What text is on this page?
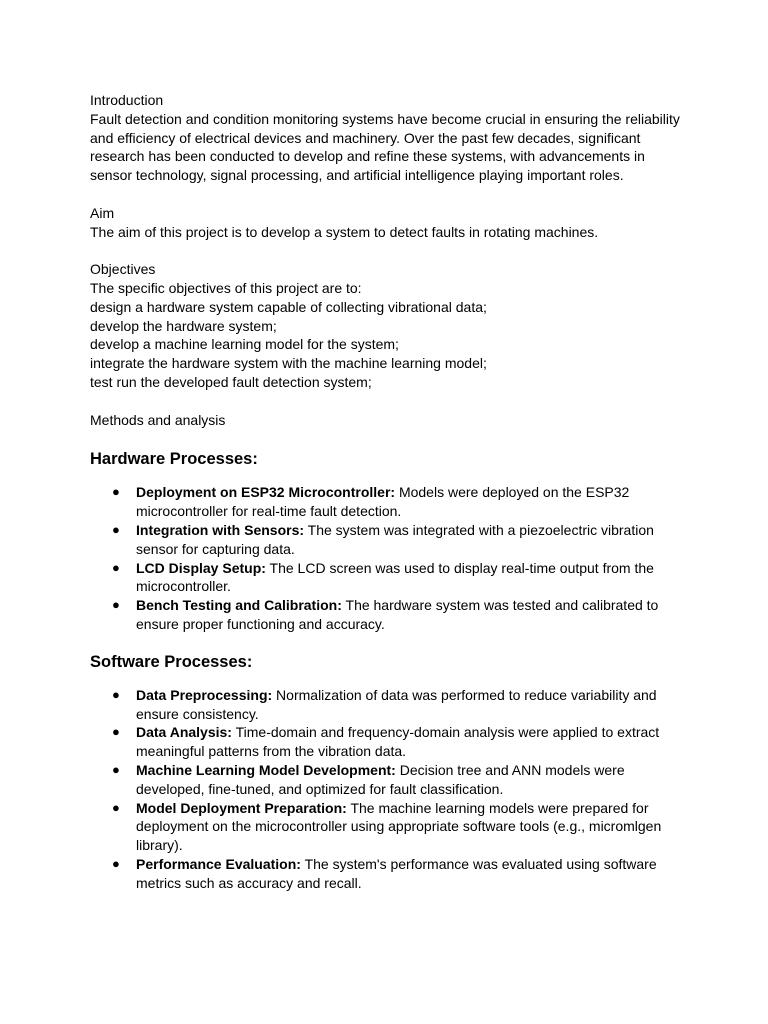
Introduction

Fault detection and condition monitoring systems have become crucial in ensuring the reliability

and efficiency of electrical devices and machinery. Over the past few decades, significant

research has been conducted to develop and refine these systems, with advancements in

sensor technology, signal processing, and artificial intelligence playing important roles.

Aim

The aim of this project is to develop a system to detect faults in rotating machines.

Objectives

The specific objectives of this project are to:

design a hardware system capable of collecting vibrational data;

develop the hardware system;

develop a machine learning model for the system;

integrate the hardware system with the machine learning model;

test run the developed fault detection system;

Methods and analysis

Hardware Processes:
● Deployment on ESP32 Microcontroller: Models were deployed on the ESP32 microcontroller for real-time fault detection.
● Integration with Sensors: The system was integrated with a piezoelectric vibration sensor for capturing data.
● LCD Display Setup: The LCD screen was used to display real-time output from the microcontroller.
● Bench Testing and Calibration: The hardware system was tested and calibrated to ensure proper functioning and accuracy.
Software Processes:
● Data Preprocessing: Normalization of data was performed to reduce variability and ensure consistency.
● Data Analysis: Time-domain and frequency-domain analysis were applied to extract meaningful patterns from the vibration data.
● Machine Learning Model Development: Decision tree and ANN models were developed, fine-tuned, and optimized for fault classification.
● Model Deployment Preparation: The machine learning models were prepared for deployment on the microcontroller using appropriate software tools (e.g., micromlgen library).
● Performance Evaluation: The system's performance was evaluated using software metrics such as accuracy and recall.
